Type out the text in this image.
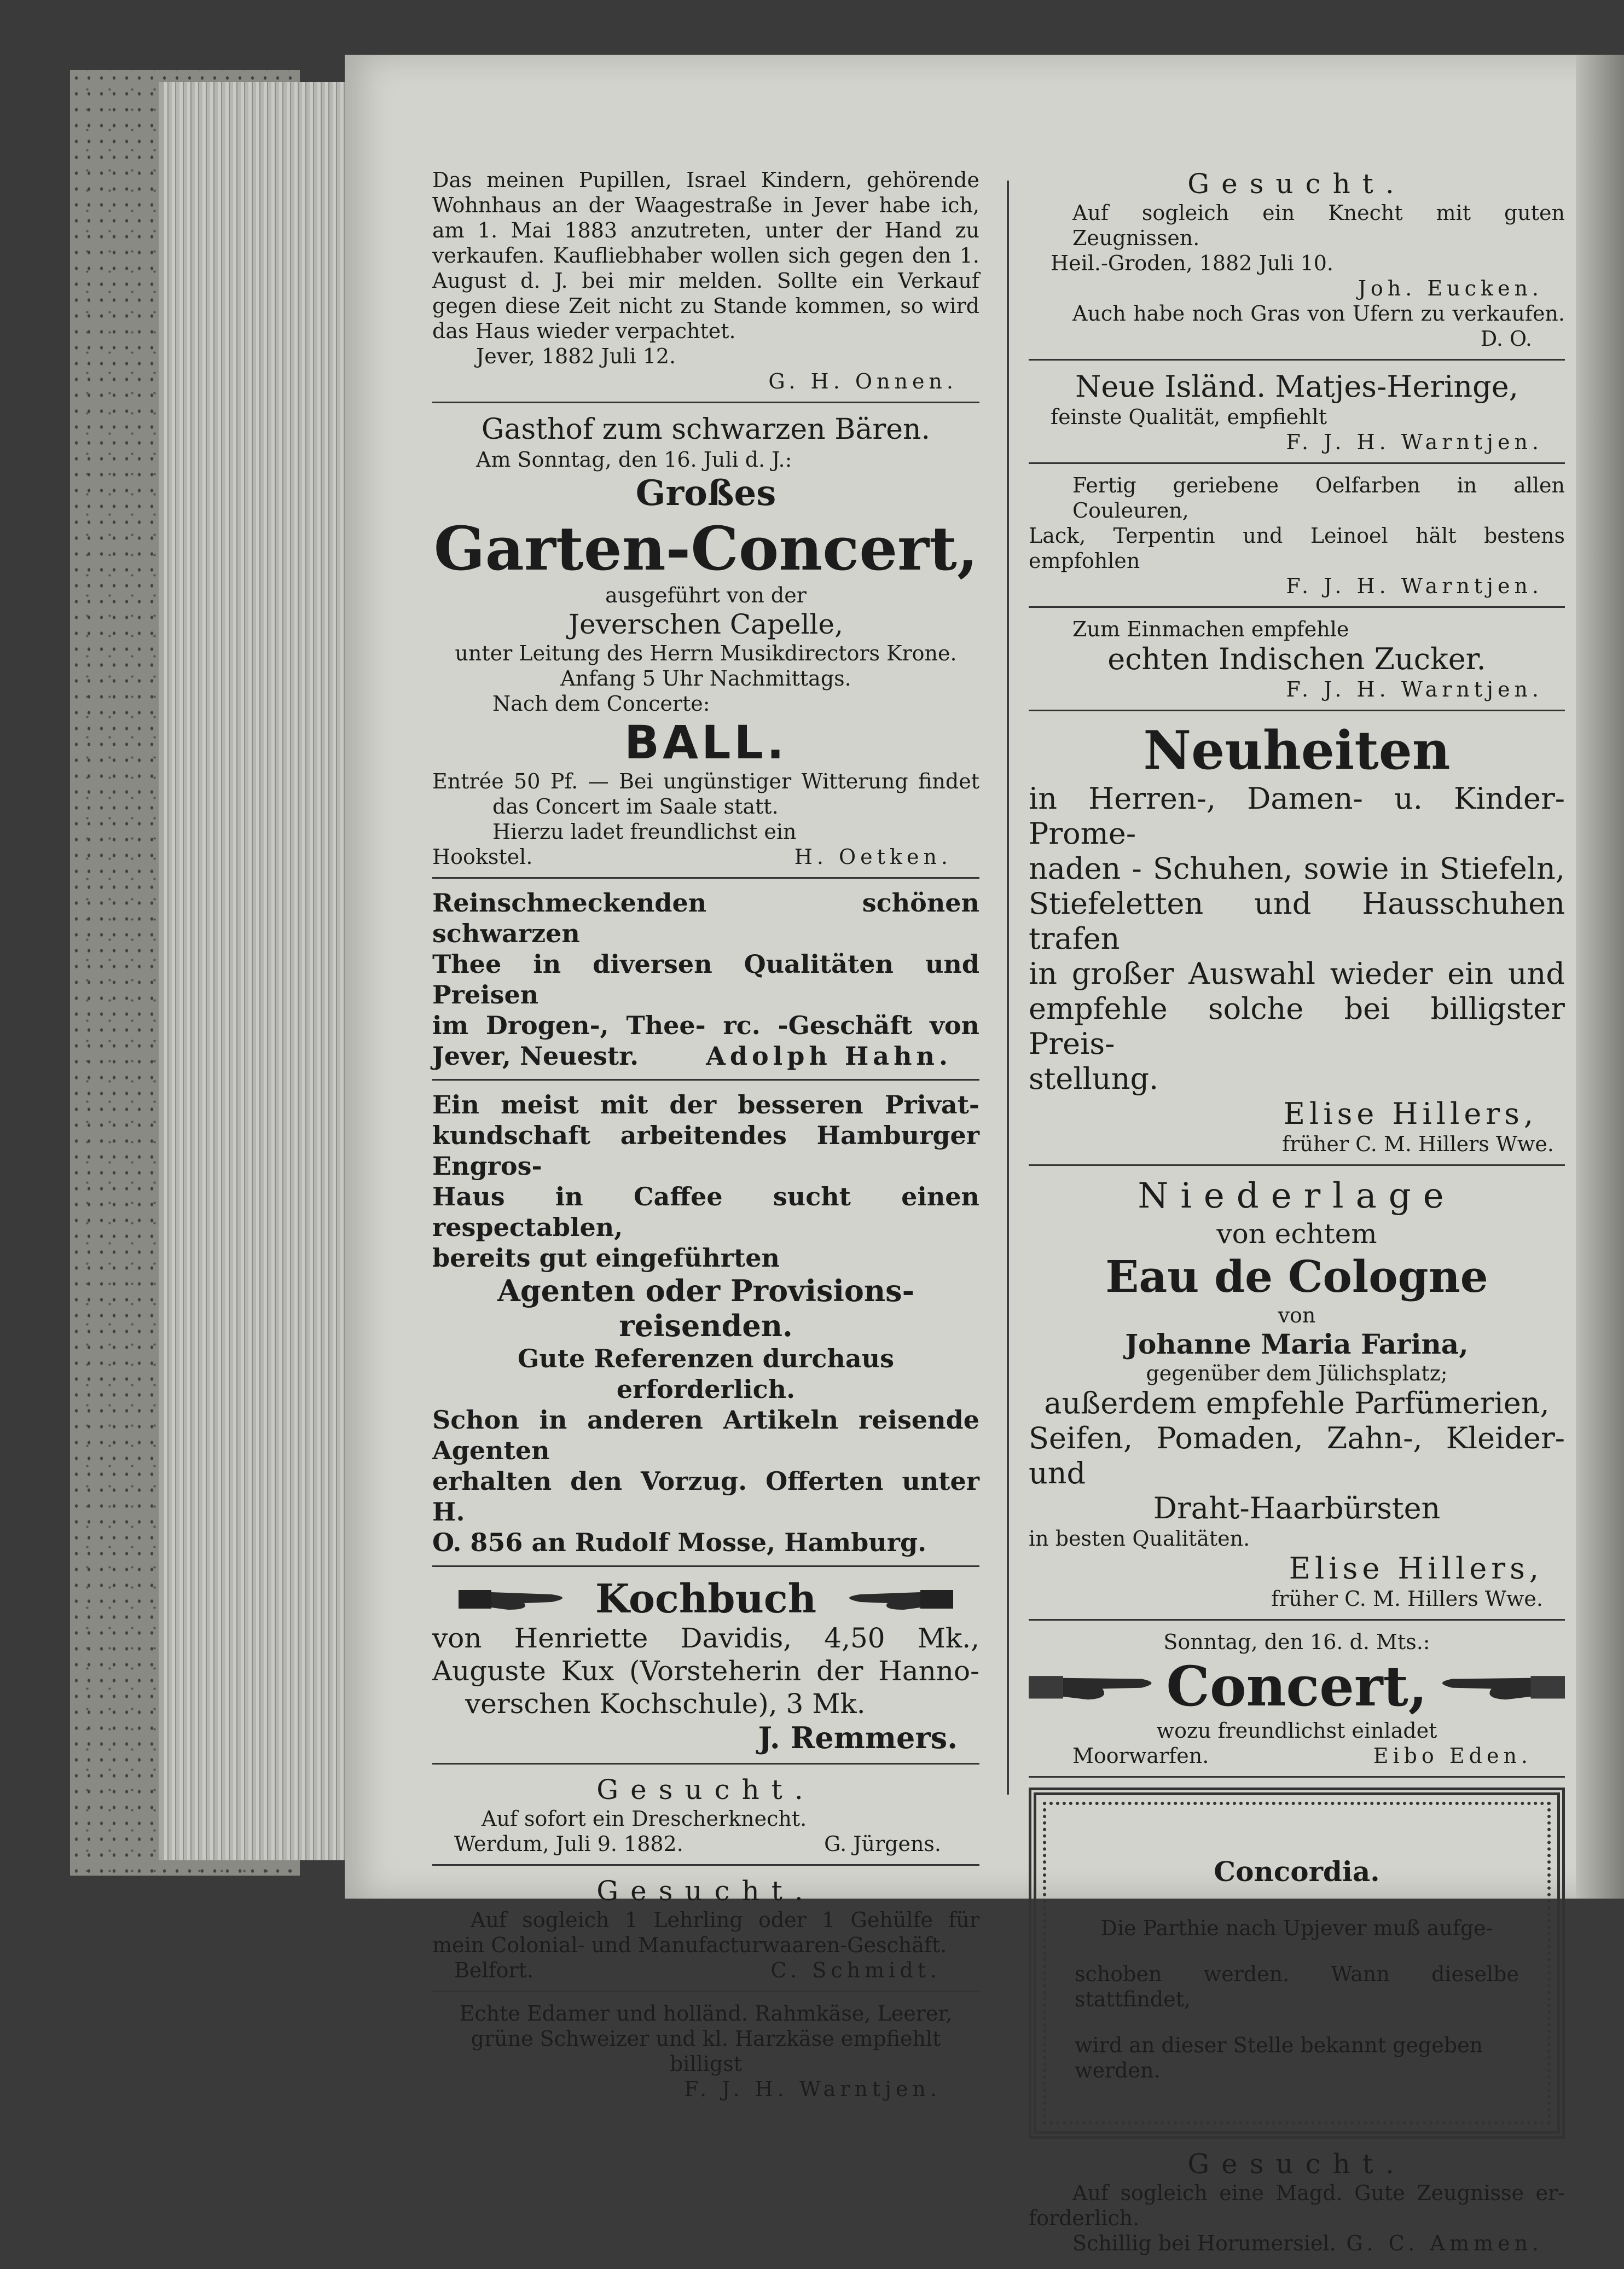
Das meinen Pupillen, Israel Kindern, gehörende

Wohnhaus an der Waagestraße in Jever habe ich,

am 1. Mai 1883 anzutreten, unter der Hand zu

verkaufen. Kaufliebhaber wollen sich gegen den 1.

August d. J. bei mir melden. Sollte ein Verkauf

gegen diese Zeit nicht zu Stande kommen, so wird

das Haus wieder verpachtet.

Jever, 1882 Juli 12.

G. H. Onnen.

Gasthof zum schwarzen Bären.

Am Sonntag, den 16. Juli d. J.:

Großes

Garten-Concert,

ausgeführt von der

Jeverschen Capelle,

unter Leitung des Herrn Musikdirectors Krone.

Anfang 5 Uhr Nachmittags.

Nach dem Concerte:

BALL.

Entrée 50 Pf. — Bei ungünstiger Witterung findet

das Concert im Saale statt.

Hierzu ladet freundlichst ein

Hookstel.	H. Oetken.

Reinschmeckenden schönen schwarzen

Thee in diversen Qualitäten und Preisen

im Drogen-, Thee- rc. -Geschäft von

Jever, Neuestr.	Adolph Hahn.

Ein meist mit der besseren Privat-

kundschaft arbeitendes Hamburger Engros-

Haus in Caffee sucht einen respectablen,

bereits gut eingeführten

Agenten oder Provisions-

reisenden.

Gute Referenzen durchaus erforderlich.

Schon in anderen Artikeln reisende Agenten

erhalten den Vorzug. Offerten unter H.

O. 856 an Rudolf Mosse, Hamburg.

Kochbuch

von Henriette Davidis, 4,50 Mk.,

Auguste Kux (Vorsteherin der Hanno-

verschen Kochschule), 3 Mk.

J. Remmers.

Gesucht.

Auf sofort ein Drescherknecht.

Werdum, Juli 9. 1882.	G. Jürgens.

Gesucht.

Auf sogleich 1 Lehrling oder 1 Gehülfe für

mein Colonial- und Manufacturwaaren-Geschäft.

Belfort.	C. Schmidt.

Echte Edamer und holländ. Rahmkäse, Leerer,

grüne Schweizer und kl. Harzkäse empfiehlt billigst

F. J. H. Warntjen.

Gesucht.

Auf sogleich ein Knecht mit guten Zeugnissen.

Heil.-Groden, 1882 Juli 10.

Joh. Eucken.

Auch habe noch Gras von Ufern zu verkaufen.

D. O.

Neue Isländ. Matjes-Heringe,

feinste Qualität, empfiehlt

F. J. H. Warntjen.

Fertig geriebene Oelfarben in allen Couleuren,

Lack, Terpentin und Leinoel hält bestens empfohlen

F. J. H. Warntjen.

Zum Einmachen empfehle

echten Indischen Zucker.

F. J. H. Warntjen.

Neuheiten

in Herren-, Damen- u. Kinder-Prome-

naden - Schuhen, sowie in Stiefeln,

Stiefeletten und Hausschuhen trafen

in großer Auswahl wieder ein und

empfehle solche bei billigster Preis-

stellung.

Elise Hillers,

früher C. M. Hillers Wwe.

Niederlage

von echtem

Eau de Cologne

von

Johanne Maria Farina,

gegenüber dem Jülichsplatz;

außerdem empfehle Parfümerien,

Seifen, Pomaden, Zahn-, Kleider- und

Draht-Haarbürsten

in besten Qualitäten.

Elise Hillers,

früher C. M. Hillers Wwe.

Sonntag, den 16. d. Mts.:

Concert,

wozu freundlichst einladet

Moorwarfen.	Eibo Eden.

Concordia.

Die Parthie nach Upjever muß aufge-

schoben werden. Wann dieselbe stattfindet,

wird an dieser Stelle bekannt gegeben werden.

Gesucht.

Auf sogleich eine Magd. Gute Zeugnisse er-

forderlich.

Schillig bei Horumersiel. G. C. Ammen.
